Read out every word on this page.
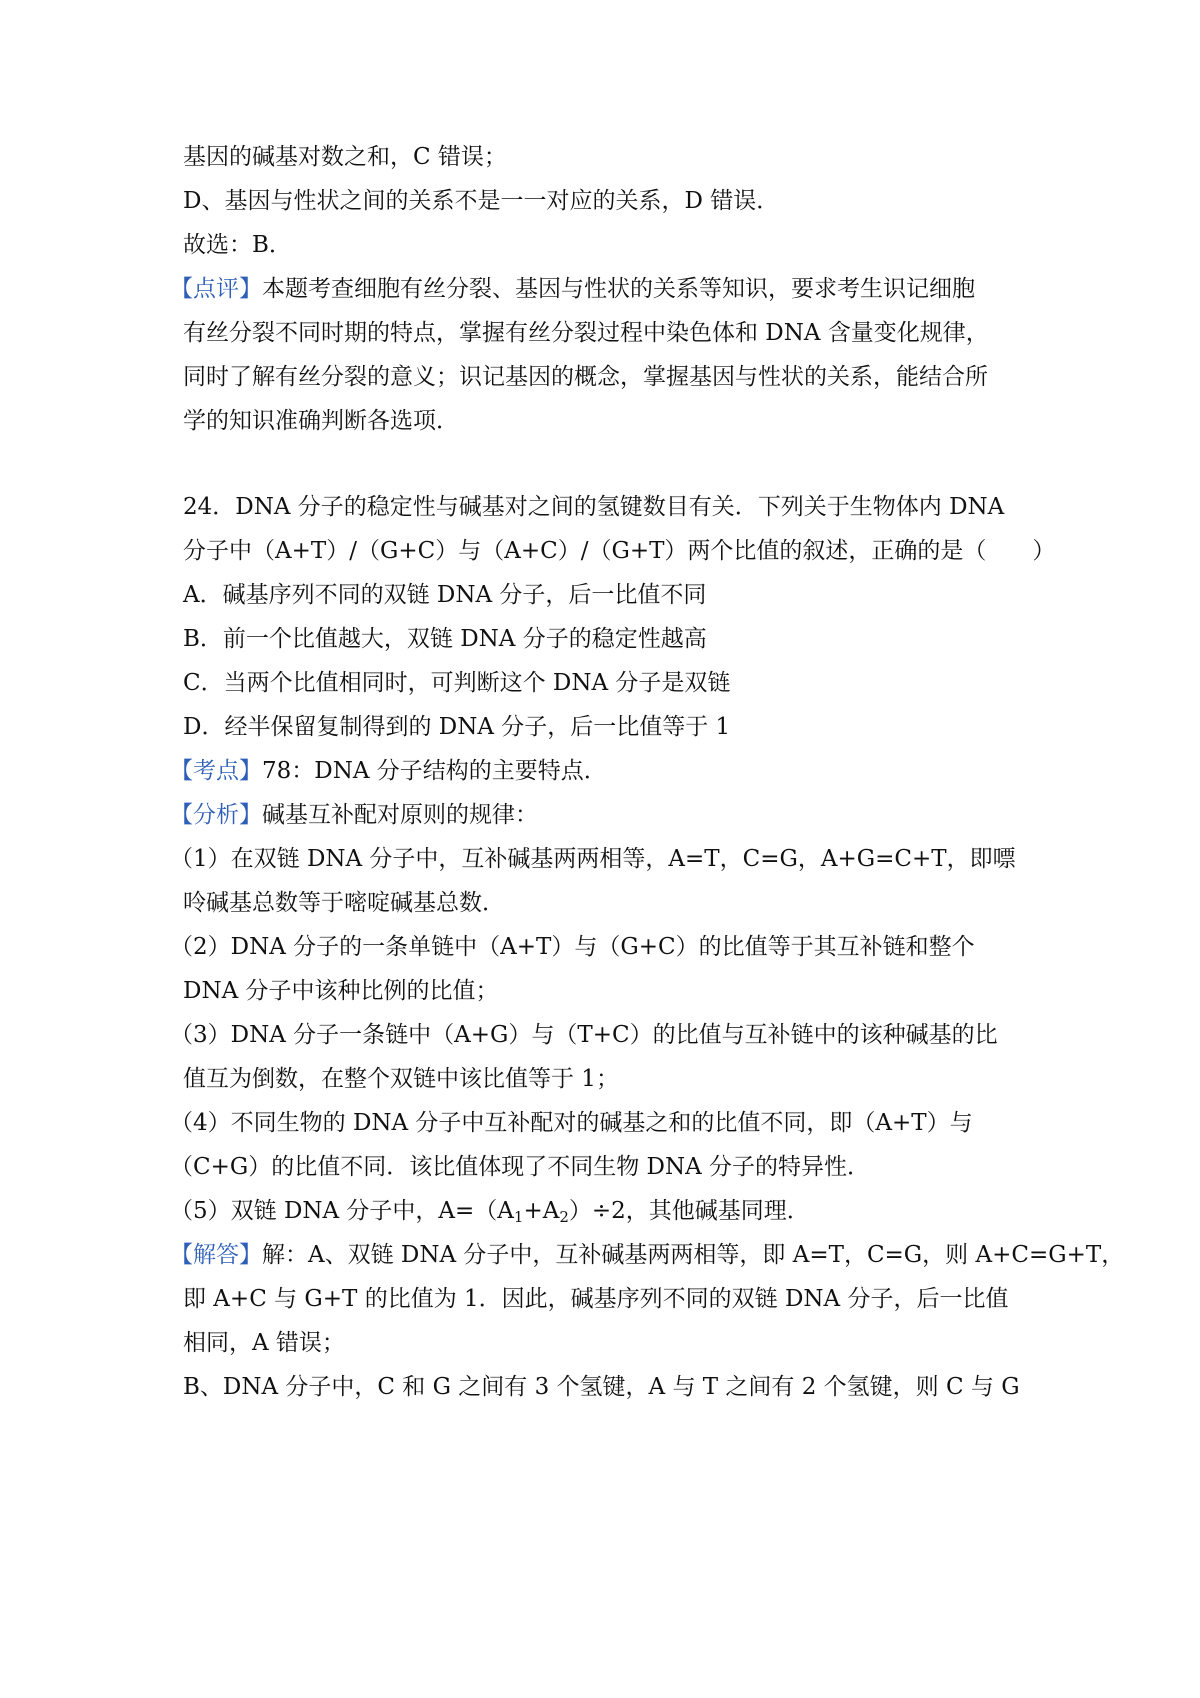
基因的碱基对数之和，C 错误；
D、基因与性状之间的关系不是一一对应的关系，D 错误．
故选：B．
【点评】本题考查细胞有丝分裂、基因与性状的关系等知识，要求考生识记细胞
有丝分裂不同时期的特点，掌握有丝分裂过程中染色体和 DNA 含量变化规律，
同时了解有丝分裂的意义；识记基因的概念，掌握基因与性状的关系，能结合所
学的知识准确判断各选项．
24．DNA 分子的稳定性与碱基对之间的氢键数目有关．下列关于生物体内 DNA
分子中（A+T）/（G+C）与（A+C）/（G+T）两个比值的叙述，正确的是（　　）
A．碱基序列不同的双链 DNA 分子，后一比值不同
B．前一个比值越大，双链 DNA 分子的稳定性越高
C．当两个比值相同时，可判断这个 DNA 分子是双链
D．经半保留复制得到的 DNA 分子，后一比值等于 1
【考点】78：DNA 分子结构的主要特点．
【分析】碱基互补配对原则的规律：
（1）在双链 DNA 分子中，互补碱基两两相等，A=T，C=G，A+G=C+T，即嘌
呤碱基总数等于嘧啶碱基总数．
（2）DNA 分子的一条单链中（A+T）与（G+C）的比值等于其互补链和整个
DNA 分子中该种比例的比值；
（3）DNA 分子一条链中（A+G）与（T+C）的比值与互补链中的该种碱基的比
值互为倒数，在整个双链中该比值等于 1；
（4）不同生物的 DNA 分子中互补配对的碱基之和的比值不同，即（A+T）与
（C+G）的比值不同．该比值体现了不同生物 DNA 分子的特异性．
（5）双链 DNA 分子中，$A=(A_1+A_2)\div 2$，其他碱基同理．
【解答】解：A、双链 DNA 分子中，互补碱基两两相等，即 A=T，C=G，则 A+C=G+T，
即 A+C 与 G+T 的比值为 1．因此，碱基序列不同的双链 DNA 分子，后一比值
相同，A 错误；
B、DNA 分子中，C 和 G 之间有 3 个氢键，A 与 T 之间有 2 个氢键，则 C 与 G
